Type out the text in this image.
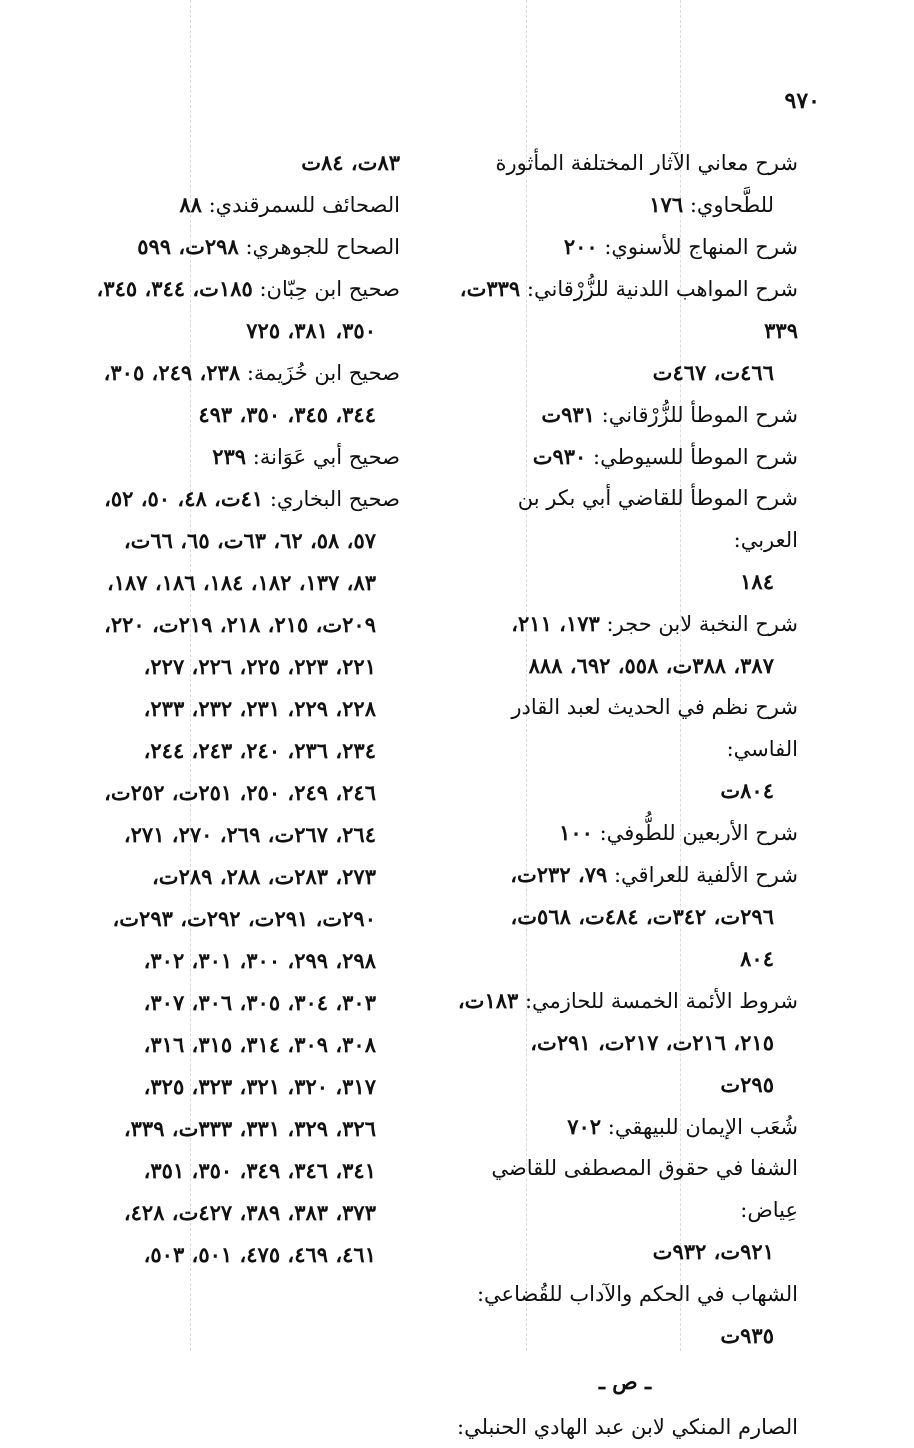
٩٧٠
شرح معاني الآثار المختلفة المأثورة
للطَّحاوي: ١٧٦
شرح المنهاج للأسنوي: ٢٠٠
شرح المواهب اللدنية للزُّرْقاني: ٣٣٩ت، ٣٣٩
٤٦٦ت، ٤٦٧ت
شرح الموطأ للزُّرْقاني: ٩٣١ت
شرح الموطأ للسيوطي: ٩٣٠ت
شرح الموطأ للقاضي أبي بكر بن العربي:
١٨٤
شرح النخبة لابن حجر: ١٧٣، ٢١١،
٣٨٧، ٣٨٨ت، ٥٥٨، ٦٩٢، ٨٨٨
شرح نظم في الحديث لعبد القادر الفاسي:
٨٠٤ت
شرح الأربعين للطُّوفي: ١٠٠
شرح الألفية للعراقي: ٧٩، ٢٣٢ت،
٢٩٦ت، ٣٤٢ت، ٤٨٤ت، ٥٦٨ت،
٨٠٤
شروط الأئمة الخمسة للحازمي: ١٨٣ت،
٢١٥، ٢١٦ت، ٢١٧ت، ٢٩١ت،
٢٩٥ت
شُعَب الإيمان للبيهقي: ٧٠٢
الشفا في حقوق المصطفى للقاضي عِياض:
٩٢١ت، ٩٣٢ت
الشهاب في الحكم والآداب للقُضاعي:
٩٣٥ت
ـ ص ـ
الصارم المنكي لابن عبد الهادي الحنبلي:
٨٣ت، ٨٤ت
الصحائف للسمرقندي: ٨٨
الصحاح للجوهري: ٢٩٨ت، ٥٩٩
صحيح ابن حِبّان: ١٨٥ت، ٣٤٤، ٣٤٥،
٣٥٠، ٣٨١، ٧٢٥
صحيح ابن خُزَيمة: ٢٣٨، ٢٤٩، ٣٠٥،
٣٤٤، ٣٤٥، ٣٥٠، ٤٩٣
صحيح أبي عَوَانة: ٢٣٩
صحيح البخاري: ٤١ت، ٤٨، ٥٠، ٥٢،
٥٧، ٥٨، ٦٢، ٦٣ت، ٦٥، ٦٦ت،
٨٣، ١٣٧، ١٨٢، ١٨٤، ١٨٦، ١٨٧،
٢٠٩ت، ٢١٥، ٢١٨، ٢١٩ت، ٢٢٠،
٢٢١، ٢٢٣، ٢٢٥، ٢٢٦، ٢٢٧،
٢٢٨، ٢٢٩، ٢٣١، ٢٣٢، ٢٣٣،
٢٣٤، ٢٣٦، ٢٤٠، ٢٤٣، ٢٤٤،
٢٤٦، ٢٤٩، ٢٥٠، ٢٥١ت، ٢٥٢ت،
٢٦٤، ٢٦٧ت، ٢٦٩، ٢٧٠، ٢٧١،
٢٧٣، ٢٨٣ت، ٢٨٨، ٢٨٩ت،
٢٩٠ت، ٢٩١ت، ٢٩٢ت، ٢٩٣ت،
٢٩٨، ٢٩٩، ٣٠٠، ٣٠١، ٣٠٢،
٣٠٣، ٣٠٤، ٣٠٥، ٣٠٦، ٣٠٧،
٣٠٨، ٣٠٩، ٣١٤، ٣١٥، ٣١٦،
٣١٧، ٣٢٠، ٣٢١، ٣٢٣، ٣٢٥،
٣٢٦، ٣٢٩، ٣٣١، ٣٣٣ت، ٣٣٩،
٣٤١، ٣٤٦، ٣٤٩، ٣٥٠، ٣٥١،
٣٧٣، ٣٨٣، ٣٨٩، ٤٢٧ت، ٤٢٨،
٤٦١، ٤٦٩، ٤٧٥، ٥٠١، ٥٠٣،
